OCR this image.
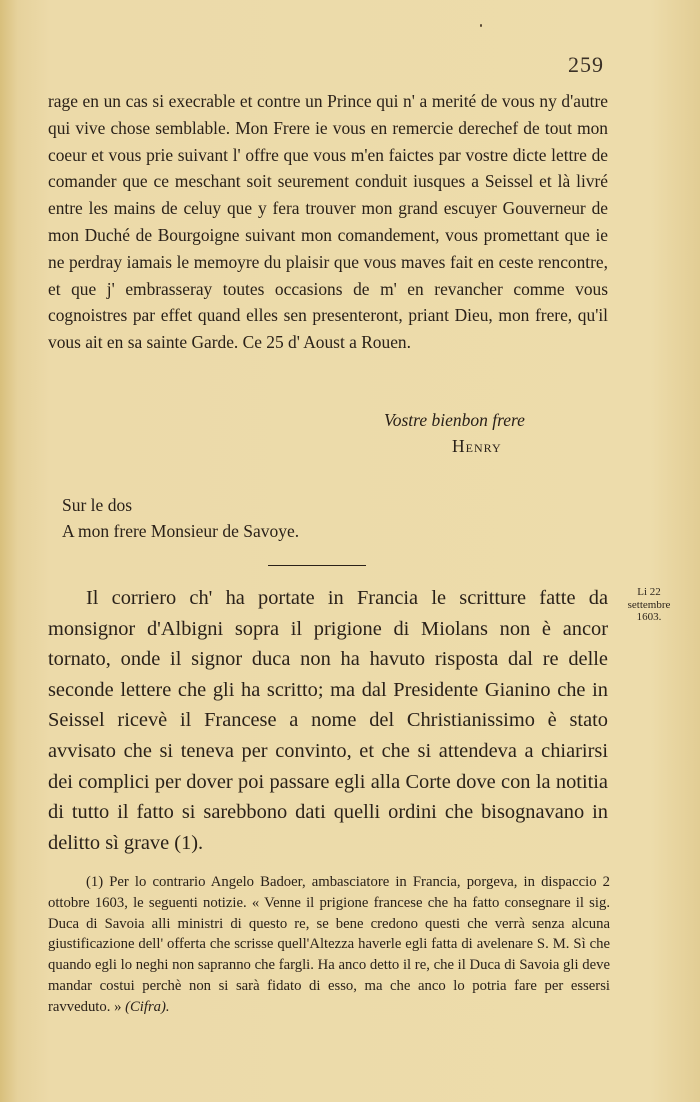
259

rage en un cas si execrable et contre un Prince qui n' a merité de vous ny d'autre qui vive chose semblable. Mon Frere ie vous en remercie derechef de tout mon coeur et vous prie suivant l' offre que vous m'en faictes par vostre dicte lettre de comander que ce meschant soit seurement conduit iusques a Seissel et là livré entre les mains de celuy que y fera trouver mon grand escuyer Gouverneur de mon Duché de Bourgoigne suivant mon comandement, vous promettant que ie ne perdray iamais le memoyre du plaisir que vous maves fait en ceste rencontre, et que j' embrasseray toutes occasions de m' en revancher comme vous cognoistres par effet quand elles sen presenteront, priant Dieu, mon frere, qu'il vous ait en sa sainte Garde. Ce 25 d' Aoust a Rouen.

Vostre bienbon frere
Henry
Sur le dos
A mon frere Monsieur de Savoye.
Li 22
settembre
1603.

Il corriero ch' ha portate in Francia le scritture fatte da monsignor d'Albigni sopra il prigione di Miolans non è ancor tornato, onde il signor duca non ha havuto risposta dal re delle seconde lettere che gli ha scritto; ma dal Presidente Gianino che in Seissel ricevè il Francese a nome del Christianissimo è stato avvisato che si teneva per convinto, et che si attendeva a chiarirsi dei complici per dover poi passare egli alla Corte dove con la notitia di tutto il fatto si sarebbono dati quelli ordini che bisognavano in delitto sì grave (1).

(1) Per lo contrario Angelo Badoer, ambasciatore in Francia, porgeva, in dispaccio 2 ottobre 1603, le seguenti notizie. « Venne il prigione francese che ha fatto consegnare il sig. Duca di Savoia alli ministri di questo re, se bene credono questi che verrà senza alcuna giustificazione dell' offerta che scrisse quell'Altezza haverle egli fatta di avelenare S. M. Sì che quando egli lo neghi non sapranno che fargli. Ha anco detto il re, che il Duca di Savoia gli deve mandar costui perchè non si sarà fidato di esso, ma che anco lo potria fare per essersi ravveduto. » (Cifra).
